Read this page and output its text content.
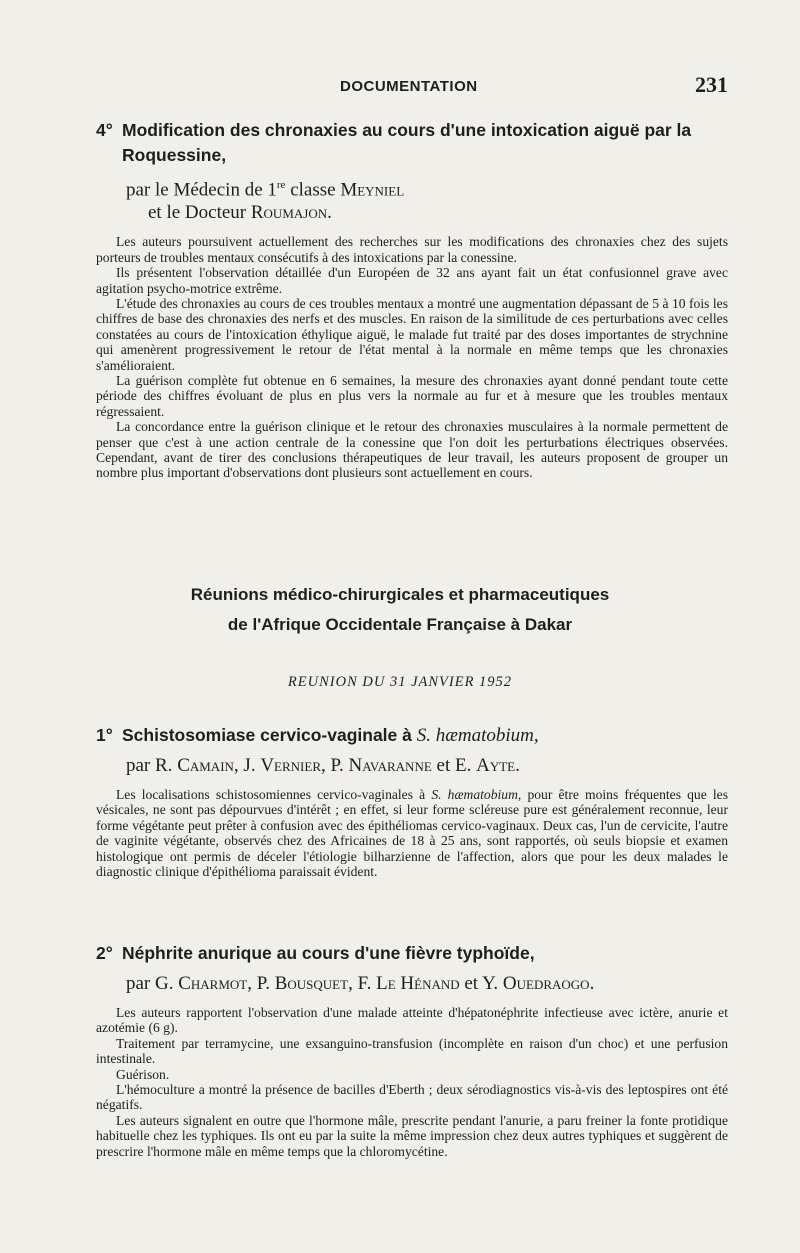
DOCUMENTATION	231
4° Modification des chronaxies au cours d'une intoxication aiguë par la
Roquessine,
par le Médecin de 1re classe Meyniel
et le Docteur Roumajon.

Les auteurs poursuivent actuellement des recherches sur les modifications des chronaxies chez des sujets porteurs de troubles mentaux consécutifs à des intoxications par la conessine.

Ils présentent l'observation détaillée d'un Européen de 32 ans ayant fait un état confusionnel grave avec agitation psycho-motrice extrême.

L'étude des chronaxies au cours de ces troubles mentaux a montré une augmentation dépassant de 5 à 10 fois les chiffres de base des chronaxies des nerfs et des muscles. En raison de la similitude de ces perturbations avec celles constatées au cours de l'intoxication éthylique aiguë, le malade fut traité par des doses importantes de strychnine qui amenèrent progressivement le retour de l'état mental à la normale en même temps que les chronaxies s'amélioraient.

La guérison complète fut obtenue en 6 semaines, la mesure des chronaxies ayant donné pendant toute cette période des chiffres évoluant de plus en plus vers la normale au fur et à mesure que les troubles mentaux régressaient.

La concordance entre la guérison clinique et le retour des chronaxies musculaires à la normale permettent de penser que c'est à une action centrale de la conessine que l'on doit les perturbations électriques observées. Cependant, avant de tirer des conclusions thérapeutiques de leur travail, les auteurs proposent de grouper un nombre plus important d'observations dont plusieurs sont actuellement en cours.

Réunions médico-chirurgicales et pharmaceutiques
de l'Afrique Occidentale Française à Dakar
REUNION DU 31 JANVIER 1952
1° Schistosomiase cervico-vaginale à S. hæmatobium,
par R. Camain, J. Vernier, P. Navaranne et E. Ayte.

Les localisations schistosomiennes cervico-vaginales à S. hæmatobium, pour être moins fréquentes que les vésicales, ne sont pas dépourvues d'intérêt ; en effet, si leur forme scléreuse pure est généralement reconnue, leur forme végétante peut prêter à confusion avec des épithéliomas cervico-vaginaux. Deux cas, l'un de cervicite, l'autre de vaginite végétante, observés chez des Africaines de 18 à 25 ans, sont rapportés, où seuls biopsie et examen histologique ont permis de déceler l'étiologie bilharzienne de l'affection, alors que pour les deux malades le diagnostic clinique d'épithélioma paraissait évident.

2° Néphrite anurique au cours d'une fièvre typhoïde,
par G. Charmot, P. Bousquet, F. Le Hénand et Y. Ouedraogo.

Les auteurs rapportent l'observation d'une malade atteinte d'hépatonéphrite infectieuse avec ictère, anurie et azotémie (6 g).

Traitement par terramycine, une exsanguino-transfusion (incomplète en raison d'un choc) et une perfusion intestinale.

Guérison.

L'hémoculture a montré la présence de bacilles d'Eberth ; deux sérodiagnostics vis-à-vis des leptospires ont été négatifs.

Les auteurs signalent en outre que l'hormone mâle, prescrite pendant l'anurie, a paru freiner la fonte protidique habituelle chez les typhiques. Ils ont eu par la suite la même impression chez deux autres typhiques et suggèrent de prescrire l'hormone mâle en même temps que la chloromycétine.
